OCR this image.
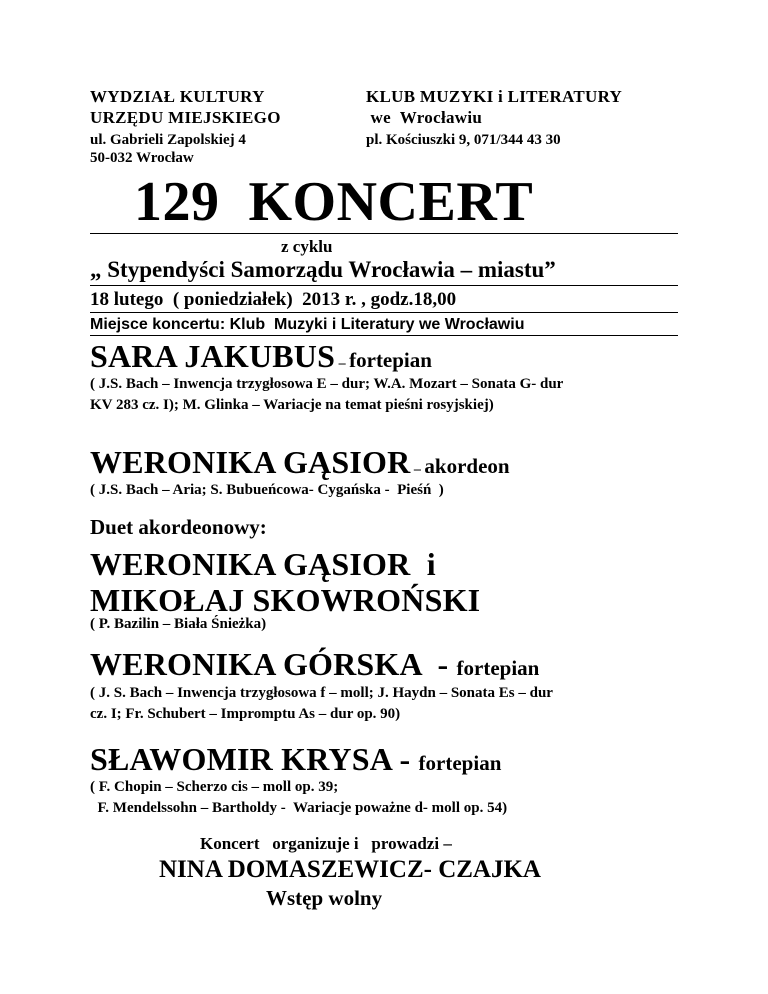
WYDZIAŁ KULTURY
URZĘDU MIEJSKIEGO
ul. Gabrieli Zapolskiej 4
50-032 Wrocław
KLUB MUZYKI i LITERATURY
we  Wrocławiu
pl. Kościuszki 9, 071/344 43 30
129  KONCERT
z cyklu
„ Stypendyści Samorządu Wrocławia – miastu”
18 lutego  ( poniedziałek)  2013 r. , godz.18,00
Miejsce koncertu: Klub  Muzyki i Literatury we Wrocławiu
SARA JAKUBUS – fortepian
( J.S. Bach – Inwencja trzygłosowa E – dur; W.A. Mozart – Sonata G- dur
KV 283 cz. I); M. Glinka – Wariacje na temat pieśni rosyjskiej)
WERONIKA GĄSIOR – akordeon
( J.S. Bach – Aria; S. Bubueńcowa- Cygańska -  Pieśń  )
Duet akordeonowy:
WERONIKA GĄSIOR  i
MIKOŁAJ SKOWROŃSKI
( P. Bazilin – Biała Śnieżka)
WERONIKA GÓRSKA  - fortepian
( J. S. Bach – Inwencja trzygłosowa f – moll; J. Haydn – Sonata Es – dur
cz. I; Fr. Schubert – Impromptu As – dur op. 90)
SŁAWOMIR KRYSA - fortepian
( F. Chopin – Scherzo cis – moll op. 39;
F. Mendelssohn – Bartholdy -  Wariacje poważne d- moll op. 54)
Koncert   organizuje i   prowadzi –
NINA DOMASZEWICZ- CZAJKA
Wstęp wolny
